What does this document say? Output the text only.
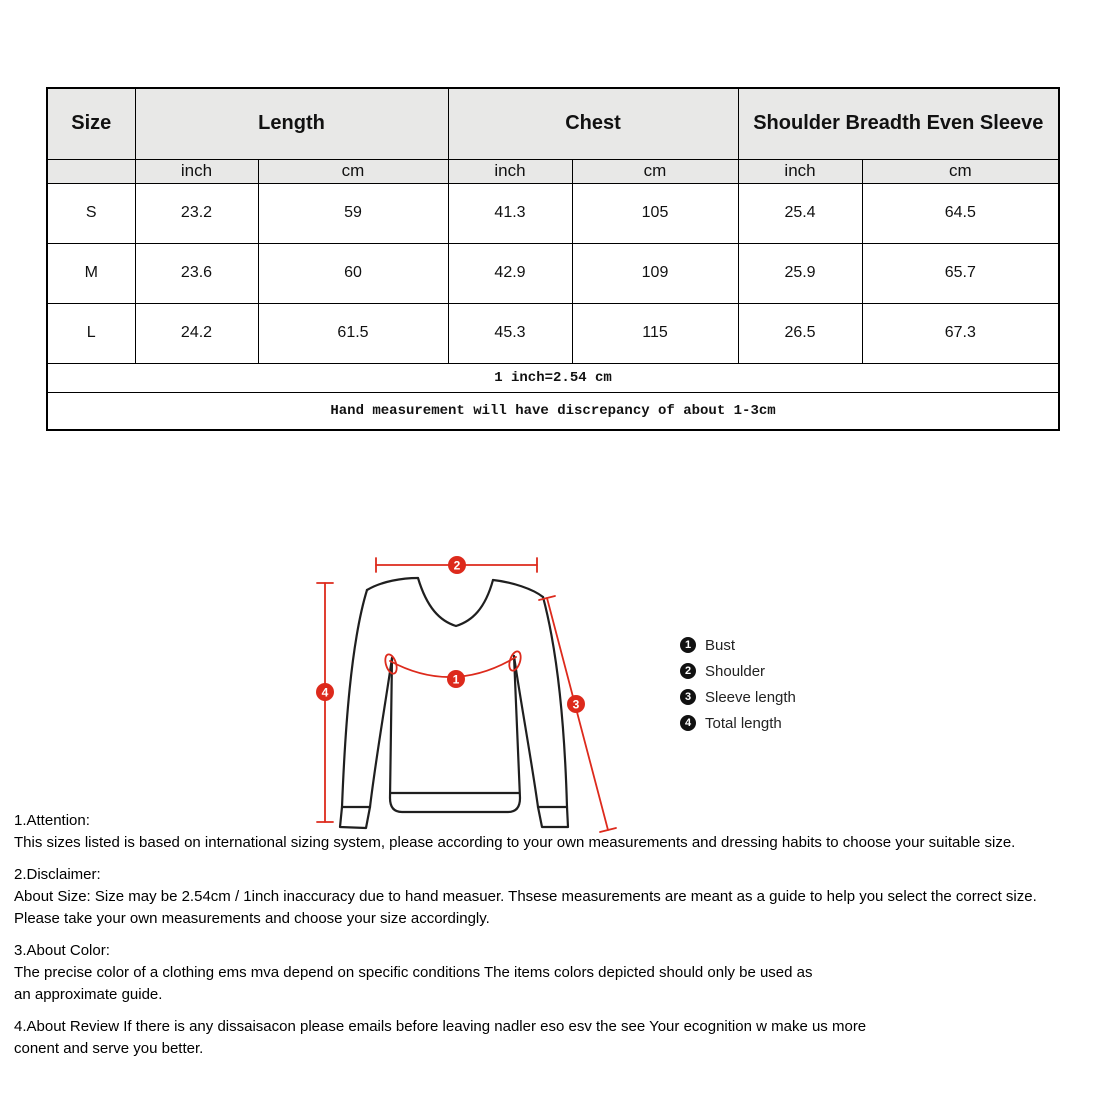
Size	Length		Chest		Shoulder Breadth Even Sleeve	
	inch	cm	inch	cm	inch	cm
S	23.2	59	41.3	105	25.4	64.5
M	23.6	60	42.9	109	25.9	65.7
L	24.2	61.5	45.3	115	26.5	67.3
1 inch=2.54 cm						
Hand measurement will have discrepancy of about 1-3cm						
2
4
3
1
1 Bust
2 Shoulder
3 Sleeve length
4 Total length

1.Attention:

This sizes listed is based on international sizing system, please according to your own measurements and dressing habits to choose your suitable size.

2.Disclaimer:

About Size: Size may be 2.54cm / 1inch inaccuracy due to hand measuer. Thsese measurements are meant as a guide to help you select the correct size.

Please take your own measurements and choose your size accordingly.

3.About Color:

The precise color of a clothing ems mva depend on specific conditions The items colors depicted should only be used as

an approximate guide.

4.About Review If there is any dissaisacon please emails before leaving nadler eso esv the see Your ecognition w make us more

conent and serve you better.
